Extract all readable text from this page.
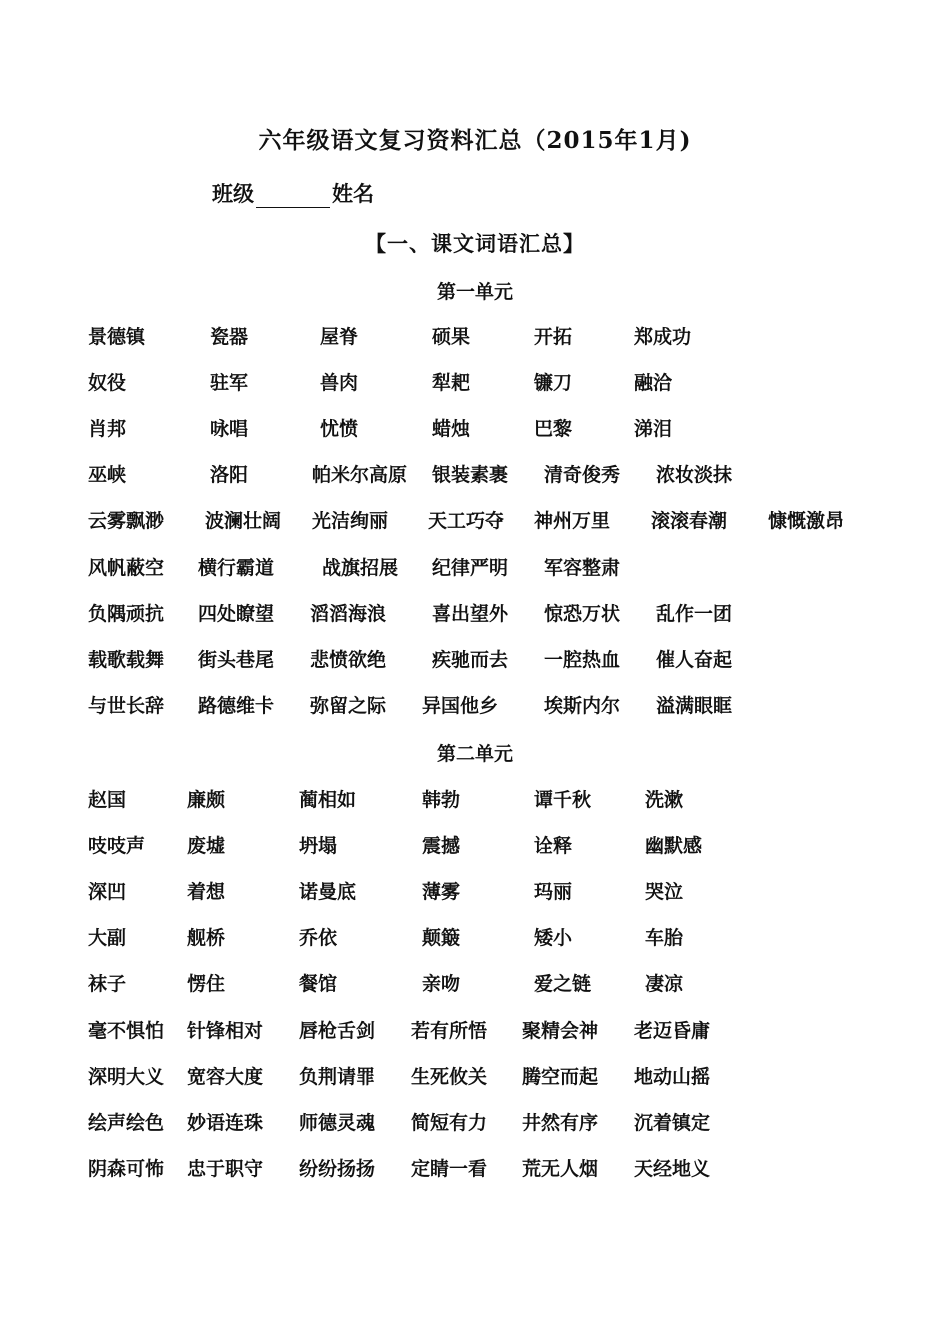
六年级语文复习资料汇总（2015年1月)
班级	姓名
【一、课文词语汇总】
第一单元
景德镇	瓷器	屋脊	硕果	开拓	郑成功
奴役	驻军	兽肉	犁耙	镰刀	融洽
肖邦	咏唱	忧愤	蜡烛	巴黎	涕泪
巫峡	洛阳	帕米尔高原 银装素裹 清奇俊秀 浓妆淡抹
云雾飘渺 波澜壮阔 光洁绚丽 天工巧夺 神州万里 滚滚春潮 慷慨激昂
风帆蔽空 横行霸道	战旗招展 纪律严明 军容整肃
负隅顽抗 四处瞭望 滔滔海浪 喜出望外 惊恐万状 乱作一团
载歌载舞 街头巷尾 悲愤欲绝 疾驰而去 一腔热血 催人奋起
与世长辞 路德维卡 弥留之际 异国他乡 埃斯内尔 溢满眼眶
第二单元
赵国	廉颇	蔺相如	韩勃	谭千秋	洗漱
吱吱声 废墟	坍塌	震撼	诠释	幽默感
深凹	着想	诺曼底	薄雾	玛丽	哭泣
大副	舰桥	乔依	颠簸	矮小	车胎
袜子	愣住	餐馆	亲吻	爱之链	凄凉
毫不惧怕 针锋相对 唇枪舌剑 若有所悟 聚精会神 老迈昏庸
深明大义 宽容大度 负荆请罪 生死攸关 腾空而起 地动山摇
绘声绘色 妙语连珠 师德灵魂 简短有力 井然有序 沉着镇定
阴森可怖 忠于职守 纷纷扬扬 定睛一看 荒无人烟 天经地义
